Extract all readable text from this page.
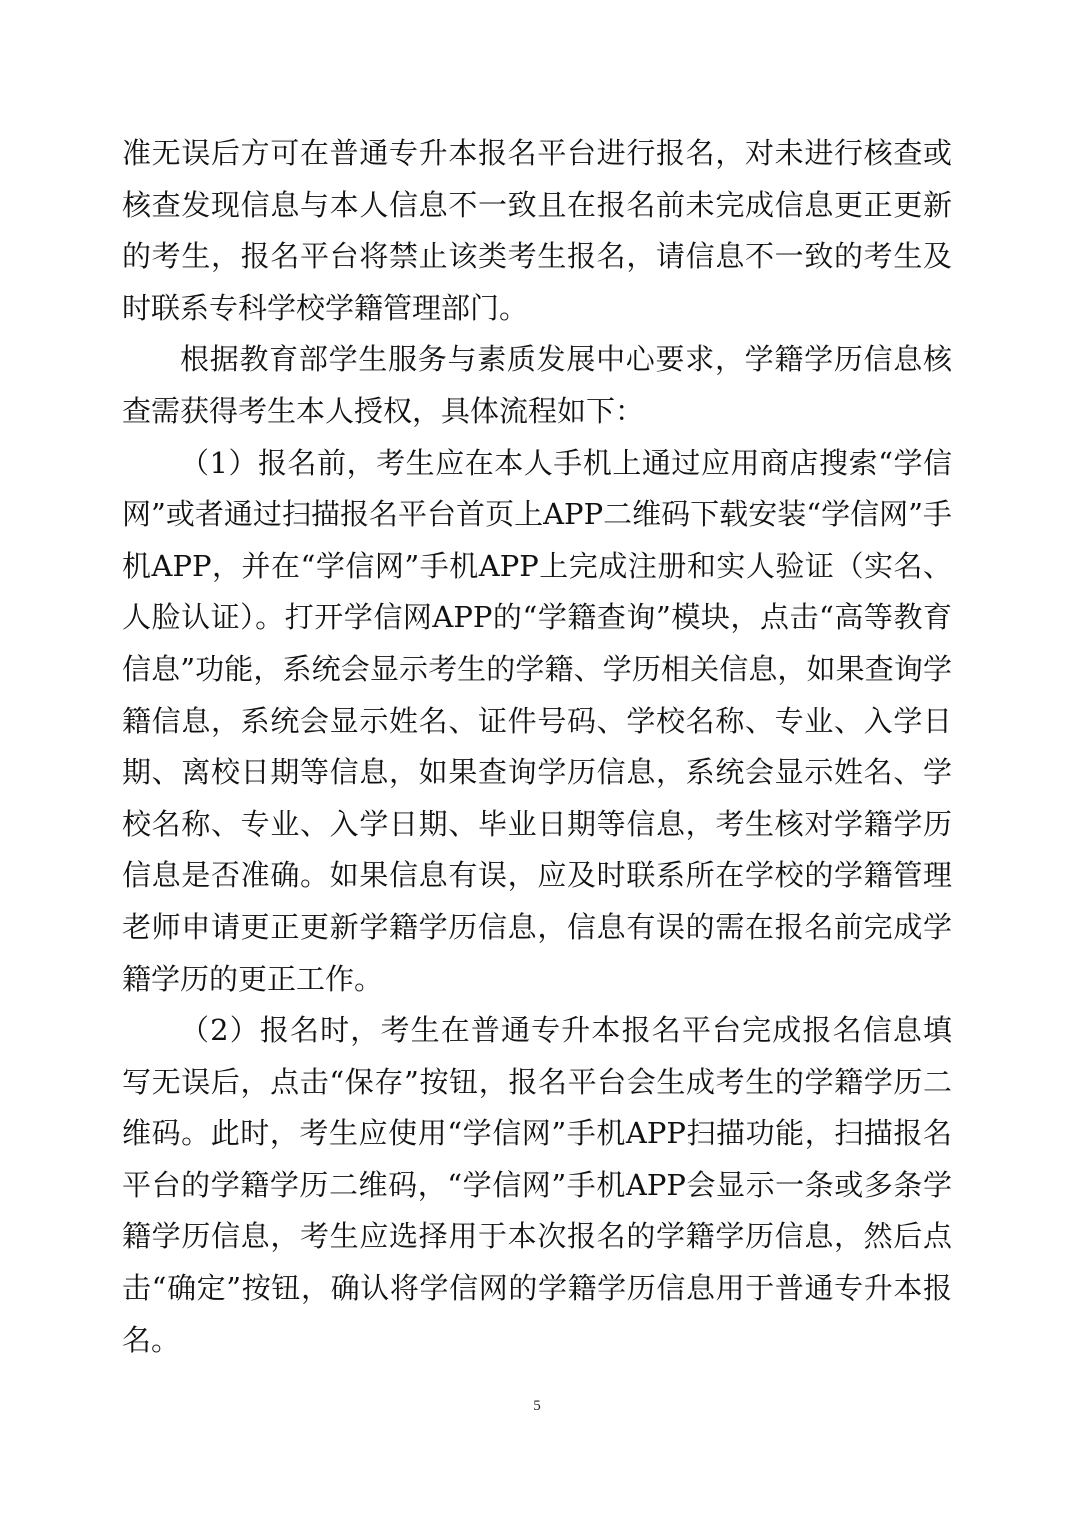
准无误后方可在普通专升本报名平台进行报名，对未进行核查或核查发现信息与本人信息不一致且在报名前未完成信息更正更新的考生，报名平台将禁止该类考生报名，请信息不一致的考生及时联系专科学校学籍管理部门。

根据教育部学生服务与素质发展中心要求，学籍学历信息核查需获得考生本人授权，具体流程如下：

（1）报名前，考生应在本人手机上通过应用商店搜索“学信网”或者通过扫描报名平台首页上APP二维码下载安装“学信网”手机APP，并在“学信网”手机APP上完成注册和实人验证（实名、人脸认证）。打开学信网APP的“学籍查询”模块，点击“高等教育信息”功能，系统会显示考生的学籍、学历相关信息，如果查询学籍信息，系统会显示姓名、证件号码、学校名称、专业、入学日期、离校日期等信息，如果查询学历信息，系统会显示姓名、学校名称、专业、入学日期、毕业日期等信息，考生核对学籍学历信息是否准确。如果信息有误，应及时联系所在学校的学籍管理老师申请更正更新学籍学历信息，信息有误的需在报名前完成学籍学历的更正工作。

（2）报名时，考生在普通专升本报名平台完成报名信息填写无误后，点击“保存”按钮，报名平台会生成考生的学籍学历二维码。此时，考生应使用“学信网”手机APP扫描功能，扫描报名平台的学籍学历二维码，“学信网”手机APP会显示一条或多条学籍学历信息，考生应选择用于本次报名的学籍学历信息，然后点击“确定”按钮，确认将学信网的学籍学历信息用于普通专升本报名。

5
